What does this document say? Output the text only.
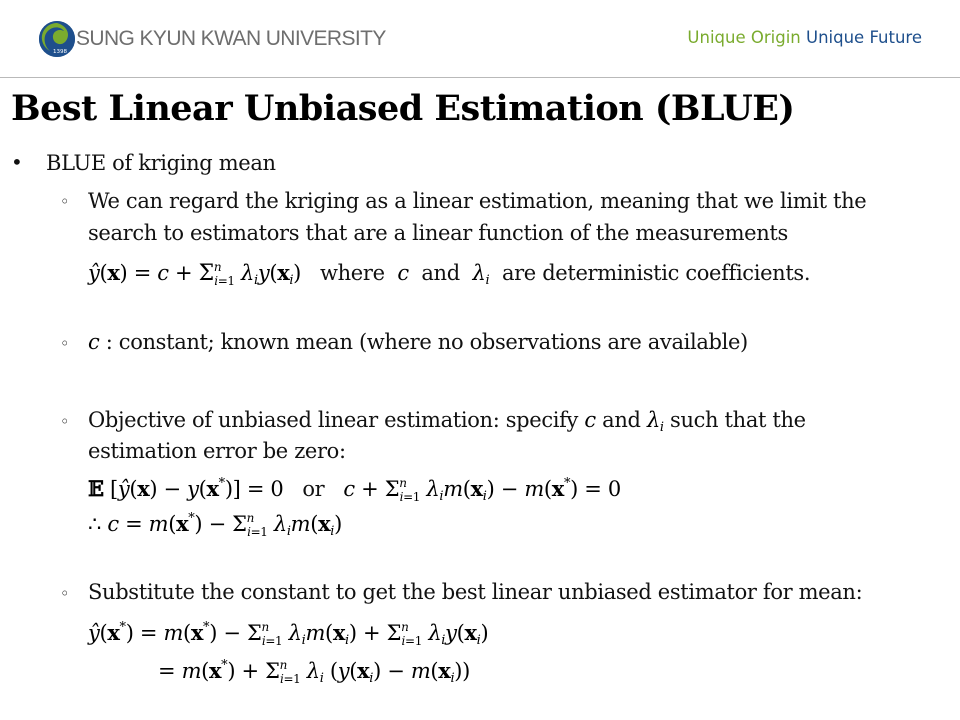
1398
SUNG KYUN KWAN UNIVERSITY	Unique Origin Unique Future
Best Linear Unbiased Estimation (BLUE)
• BLUE of kriging mean
◦ We can regard the kriging as a linear estimation, meaning that we limit the
search to estimators that are a linear function of the measurements
ŷ(x) = $c + \Sigma^n_{i=1}$ $\lambda_iy(x_i)$ where c and $\lambda_i$ are deterministic coefficients.
◦ c : constant; known mean (where no observations are available)
◦ Objective of unbiased linear estimation: specify c and $\lambda_i$ such that the
estimation error be zero:
𝔼 [ŷ(x) − y(x*)] = 0 or $c + \Sigma^n_{i=1}$ $\lambda_im(x_i) - m(x^*) = 0$
∴ $c = m(x^*) - \Sigma^n_{i=1}$ $\lambda_im(x_i)$
◦ Substitute the constant to get the best linear unbiased estimator for mean:
ŷ(x*) = $m(x^*) - \Sigma^n_{i=1}$ $\lambda_im(x_i) + \Sigma^n_{i=1}$ $\lambda_iy(x_i)$
= $m(x^*) + \Sigma^n_{i=1}$ $\lambda_i$ $(y(x_i) - m(x_i))$
